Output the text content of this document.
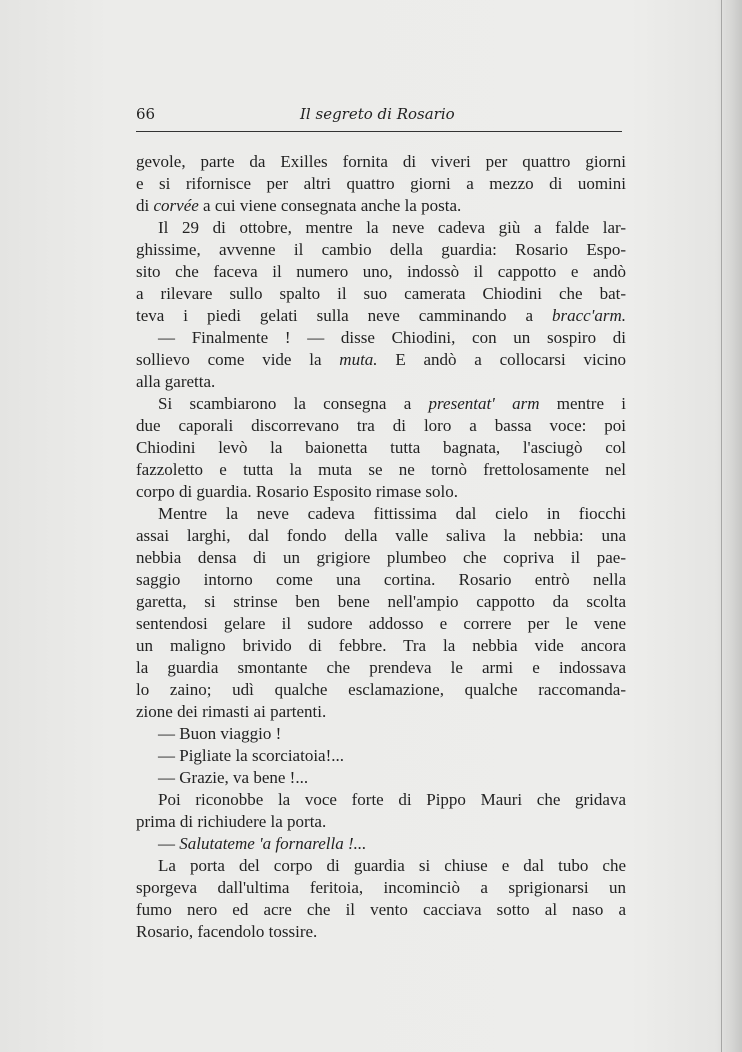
66	Il segreto di Rosario
gevole, parte da Exilles fornita di viveri per quattro giorni
e si rifornisce per altri quattro giorni a mezzo di uomini
di corvée a cui viene consegnata anche la posta.
Il 29 di ottobre, mentre la neve cadeva giù a falde lar-
ghissime, avvenne il cambio della guardia: Rosario Espo-
sito che faceva il numero uno, indossò il cappotto e andò
a rilevare sullo spalto il suo camerata Chiodini che bat-
teva i piedi gelati sulla neve camminando a bracc'arm.
— Finalmente ! — disse Chiodini, con un sospiro di
sollievo come vide la muta. E andò a collocarsi vicino
alla garetta.
Si scambiarono la consegna a presentat' arm mentre i
due caporali discorrevano tra di loro a bassa voce: poi
Chiodini levò la baionetta tutta bagnata, l'asciugò col
fazzoletto e tutta la muta se ne tornò frettolosamente nel
corpo di guardia. Rosario Esposito rimase solo.
Mentre la neve cadeva fittissima dal cielo in fiocchi
assai larghi, dal fondo della valle saliva la nebbia: una
nebbia densa di un grigiore plumbeo che copriva il pae-
saggio intorno come una cortina. Rosario entrò nella
garetta, si strinse ben bene nell'ampio cappotto da scolta
sentendosi gelare il sudore addosso e correre per le vene
un maligno brivido di febbre. Tra la nebbia vide ancora
la guardia smontante che prendeva le armi e indossava
lo zaino; udì qualche esclamazione, qualche raccomanda-
zione dei rimasti ai partenti.
— Buon viaggio !
— Pigliate la scorciatoia!...
— Grazie, va bene !...
Poi riconobbe la voce forte di Pippo Mauri che gridava
prima di richiudere la porta.
— Salutateme 'a fornarella !...
La porta del corpo di guardia si chiuse e dal tubo che
sporgeva dall'ultima feritoia, incominciò a sprigionarsi un
fumo nero ed acre che il vento cacciava sotto al naso a
Rosario, facendolo tossire.
